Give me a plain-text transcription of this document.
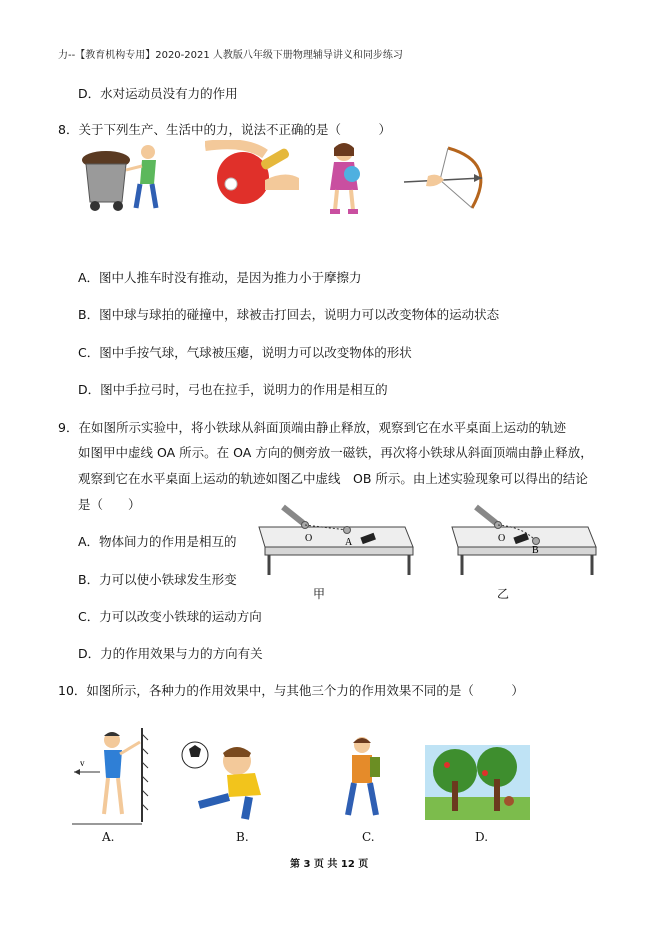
力--【教育机构专用】2020-2021 人教版八年级下册物理辅导讲义和同步练习
D．水对运动员没有力的作用
8．关于下列生产、生活中的力，说法不正确的是（　　　）
A．图中人推车时没有推动，是因为推力小于摩擦力
B．图中球与球拍的碰撞中，球被击打回去，说明力可以改变物体的运动状态
C．图中手按气球，气球被压瘪，说明力可以改变物体的形状
D．图中手拉弓时，弓也在拉手，说明力的作用是相互的
9．在如图所示实验中，将小铁球从斜面顶端由静止释放，观察到它在水平桌面上运动的轨迹
如图甲中虚线 OA 所示。在 OA 方向的侧旁放一磁铁，再次将小铁球从斜面顶端由静止释放，
观察到它在水平桌面上运动的轨迹如图乙中虚线　OB 所示。由上述实验现象可以得出的结论
是（　　）
A．物体间力的作用是相互的
B．力可以使小铁球发生形变
C．力可以改变小铁球的运动方向
D．力的作用效果与力的方向有关
O	A
甲
O
B
乙
10．如图所示，各种力的作用效果中，与其他三个力的作用效果不同的是（　　　）
v
A.	B.	C.	D.
第 3 页 共 12 页
